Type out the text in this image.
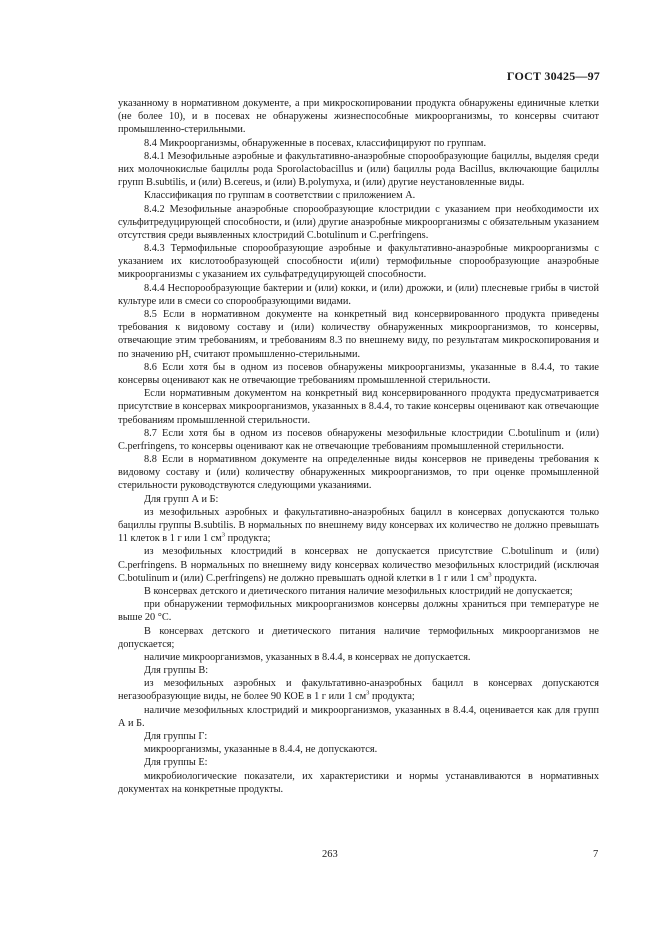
ГОСТ 30425—97

указанному в нормативном документе, а при микроскопировании продукта обнаружены единичные клетки (не более 10), и в посевах не обнаружены жизнеспособные микроорганизмы, то консервы считают промышленно-стерильными.

8.4 Микроорганизмы, обнаруженные в посевах, классифицируют по группам.

8.4.1 Мезофильные аэробные и факультативно-анаэробные спорообразующие бациллы, выделяя среди них молочнокислые бациллы рода Sporolactobacillus и (или) бациллы рода Bacillus, включающие бациллы групп B.subtilis, и (или) B.cereus, и (или) B.polymyxa, и (или) другие неустановленные виды.

Классификация по группам в соответствии с приложением А.

8.4.2 Мезофильные анаэробные спорообразующие клостридии с указанием при необходимости их сульфитредуцирующей способности, и (или) другие анаэробные микроорганизмы с обязательным указанием отсутствия среди выявленных клостридий C.botulinum и C.perfringens.

8.4.3 Термофильные спорообразующие аэробные и факультативно-анаэробные микроорганизмы с указанием их кислотообразующей способности и(или) термофильные спорообразующие анаэробные микроорганизмы с указанием их сульфатредуцирующей способности.

8.4.4 Неспорообразующие бактерии и (или) кокки, и (или) дрожжи, и (или) плесневые грибы в чистой культуре или в смеси со спорообразующими видами.

8.5 Если в нормативном документе на конкретный вид консервированного продукта приведены требования к видовому составу и (или) количеству обнаруженных микроорганизмов, то консервы, отвечающие этим требованиям, и требованиям 8.3 по внешнему виду, по результатам микроскопирования и по значению pH, считают промышленно-стерильными.

8.6 Если хотя бы в одном из посевов обнаружены микроорганизмы, указанные в 8.4.4, то такие консервы оценивают как не отвечающие требованиям промышленной стерильности.

Если нормативным документом на конкретный вид консервированного продукта предусматривается присутствие в консервах микроорганизмов, указанных в 8.4.4, то такие консервы оценивают как отвечающие требованиям промышленной стерильности.

8.7 Если хотя бы в одном из посевов обнаружены мезофильные клостридии C.botulinum и (или) C.perfringens, то консервы оценивают как не отвечающие требованиям промышленной стерильности.

8.8 Если в нормативном документе на определенные виды консервов не приведены требования к видовому составу и (или) количеству обнаруженных микроорганизмов, то при оценке промышленной стерильности руководствуются следующими указаниями.

Для групп А и Б:

из мезофильных аэробных и факультативно-анаэробных бацилл в консервах допускаются только бациллы группы B.subtilis. В нормальных по внешнему виду консервах их количество не должно превышать 11 клеток в 1 г или 1 $см^3$ продукта;

из мезофильных клостридий в консервах не допускается присутствие C.botulinum и (или) C.perfringens. В нормальных по внешнему виду консервах количество мезофильных клостридий (исключая C.botulinum и (или) C.perfringens) не должно превышать одной клетки в 1 г или 1 $см^3$ продукта.

В консервах детского и диетического питания наличие мезофильных клостридий не допускается;

при обнаружении термофильных микроорганизмов консервы должны храниться при температуре не выше 20 °С.

В консервах детского и диетического питания наличие термофильных микроорганизмов не допускается;

наличие микроорганизмов, указанных в 8.4.4, в консервах не допускается.

Для группы В:

из мезофильных аэробных и факультативно-анаэробных бацилл в консервах допускаются негазообразующие виды, не более 90 КОЕ в 1 г или 1 $см^3$ продукта;

наличие мезофильных клостридий и микроорганизмов, указанных в 8.4.4, оценивается как для групп А и Б.

Для группы Г:

микроорганизмы, указанные в 8.4.4, не допускаются.

Для группы Е:

микробиологические показатели, их характеристики и нормы устанавливаются в нормативных документах на конкретные продукты.

263	7
